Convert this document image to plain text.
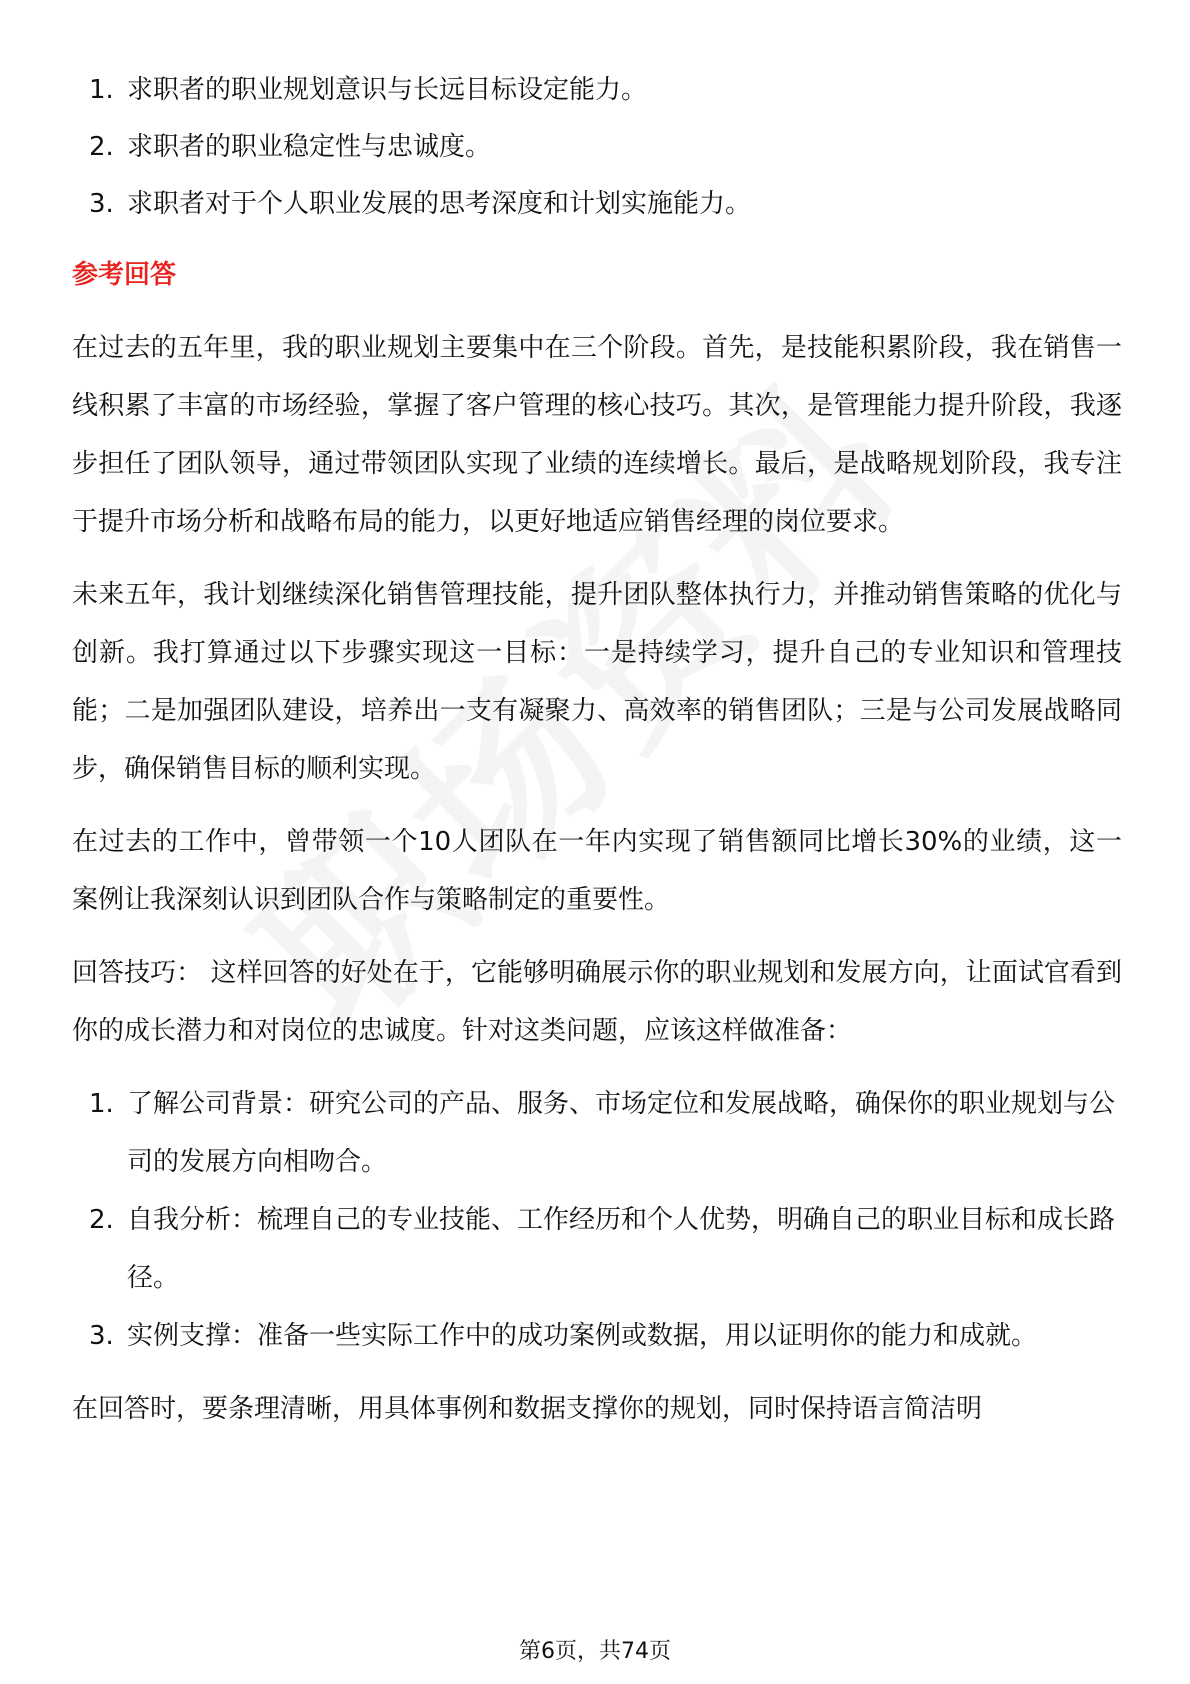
1. 求职者的职业规划意识与长远目标设定能力。
2. 求职者的职业稳定性与忠诚度。
3. 求职者对于个人职业发展的思考深度和计划实施能力。
参考回答

在过去的五年里，我的职业规划主要集中在三个阶段。首先，是技能积累阶段，我在销售一线积累了丰富的市场经验，掌握了客户管理的核心技巧。其次，是管理能力提升阶段，我逐步担任了团队领导，通过带领团队实现了业绩的连续增长。最后，是战略规划阶段，我专注于提升市场分析和战略布局的能力，以更好地适应销售经理的岗位要求。

未来五年，我计划继续深化销售管理技能，提升团队整体执行力，并推动销售策略的优化与创新。我打算通过以下步骤实现这一目标：一是持续学习，提升自己的专业知识和管理技能；二是加强团队建设，培养出一支有凝聚力、高效率的销售团队；三是与公司发展战略同步，确保销售目标的顺利实现。

在过去的工作中，曾带领一个10人团队在一年内实现了销售额同比增长30%的业绩，这一案例让我深刻认识到团队合作与策略制定的重要性。

回答技巧： 这样回答的好处在于，它能够明确展示你的职业规划和发展方向，让面试官看到你的成长潜力和对岗位的忠诚度。针对这类问题，应该这样做准备：

1. 了解公司背景：研究公司的产品、服务、市场定位和发展战略，确保你的职业规划与公司的发展方向相吻合。
2. 自我分析：梳理自己的专业技能、工作经历和个人优势，明确自己的职业目标和成长路径。
3. 实例支撑：准备一些实际工作中的成功案例或数据，用以证明你的能力和成就。

在回答时，要条理清晰，用具体事例和数据支撑你的规划，同时保持语言简洁明

第6页，共74页
